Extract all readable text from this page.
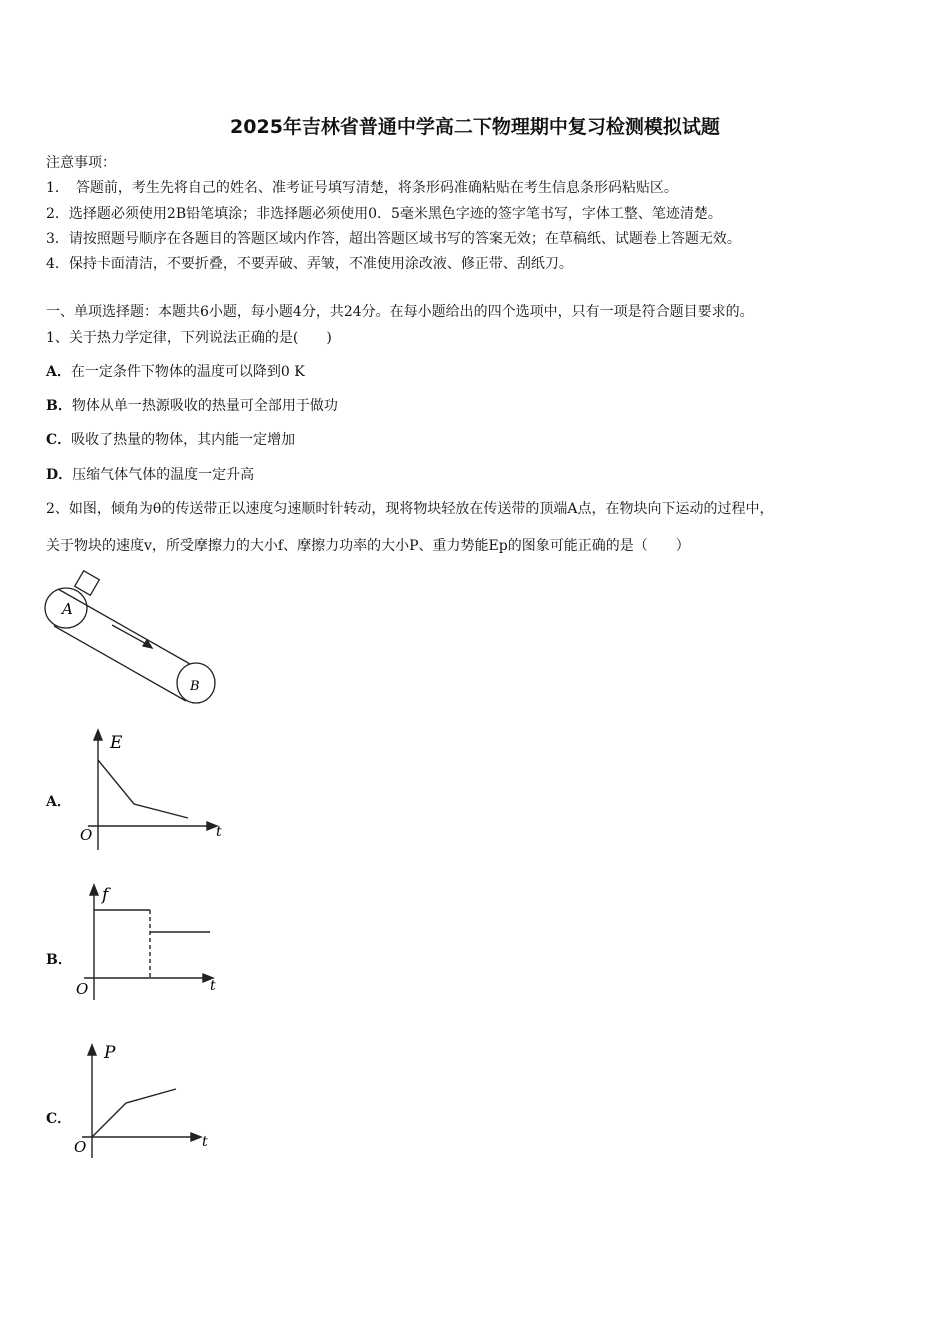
2025年吉林省普通中学高二下物理期中复习检测模拟试题
注意事项：
1．　答题前，考生先将自己的姓名、准考证号填写清楚，将条形码准确粘贴在考生信息条形码粘贴区。
2．选择题必须使用2B铅笔填涂；非选择题必须使用0．5毫米黑色字迹的签字笔书写，字体工整、笔迹清楚。
3．请按照题号顺序在各题目的答题区域内作答，超出答题区域书写的答案无效；在草稿纸、试题卷上答题无效。
4．保持卡面清洁，不要折叠，不要弄破、弄皱，不准使用涂改液、修正带、刮纸刀。
一、单项选择题：本题共6小题，每小题4分，共24分。在每小题给出的四个选项中，只有一项是符合题目要求的。
1、关于热力学定律，下列说法正确的是(　　)
A．在一定条件下物体的温度可以降到0 K
B．物体从单一热源吸收的热量可全部用于做功
C．吸收了热量的物体，其内能一定增加
D．压缩气体气体的温度一定升高
2、如图，倾角为θ的传送带正以速度匀速顺时针转动，现将物块轻放在传送带的顶端A点，在物块向下运动的过程中，
关于物块的速度v，所受摩擦力的大小f、摩擦力功率的大小P、重力势能Ep的图象可能正确的是（　　）
A
B
A．
E
O	t
B．
f
O	t
C．
P
O	t
